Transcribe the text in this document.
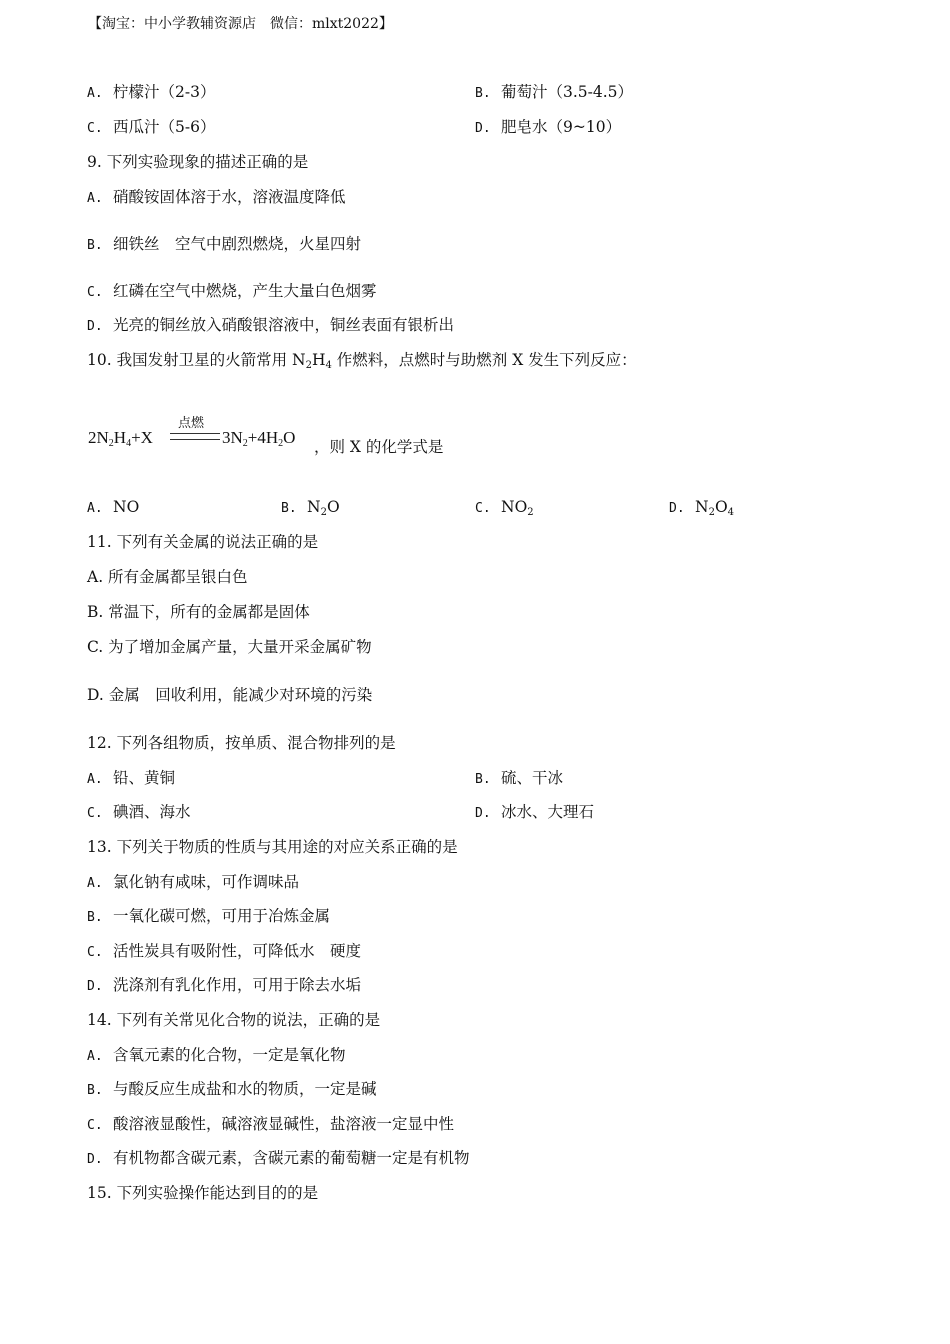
【淘宝：中小学教辅资源店　微信：mlxt2022】
A. 柠檬汁（2-3）	B. 葡萄汁（3.5-4.5）
C. 西瓜汁（5-6）	D. 肥皂水（9~10）
9. 下列实验现象的描述正确的是
A. 硝酸铵固体溶于水，溶液温度降低
B. 细铁丝　空气中剧烈燃烧，火星四射
C. 红磷在空气中燃烧，产生大量白色烟雾
D. 光亮的铜丝放入硝酸银溶液中，铜丝表面有银析出
10. 我国发射卫星的火箭常用 $N_2H_4$ 作燃料，点燃时与助燃剂 X 发生下列反应：
$2N_2H_4+X$
点燃
$3N_2+4H_2O$ ，则 X 的化学式是
A. NO	B. $N_2O$	C. $NO_2$	D. $N_2O_4$
11. 下列有关金属的说法正确的是
A. 所有金属都呈银白色
B. 常温下，所有的金属都是固体
C. 为了增加金属产量，大量开采金属矿物
D. 金属　回收利用，能减少对环境的污染
12. 下列各组物质，按单质、混合物排列的是
A. 铅、黄铜	B. 硫、干冰
C. 碘酒、海水	D. 冰水、大理石
13. 下列关于物质的性质与其用途的对应关系正确的是
A. 氯化钠有咸味，可作调味品
B. 一氧化碳可燃，可用于冶炼金属
C. 活性炭具有吸附性，可降低水　硬度
D. 洗涤剂有乳化作用，可用于除去水垢
14. 下列有关常见化合物的说法，正确的是
A. 含氧元素的化合物，一定是氧化物
B. 与酸反应生成盐和水的物质，一定是碱
C. 酸溶液显酸性，碱溶液显碱性，盐溶液一定显中性
D. 有机物都含碳元素，含碳元素的葡萄糖一定是有机物
15. 下列实验操作能达到目的的是
